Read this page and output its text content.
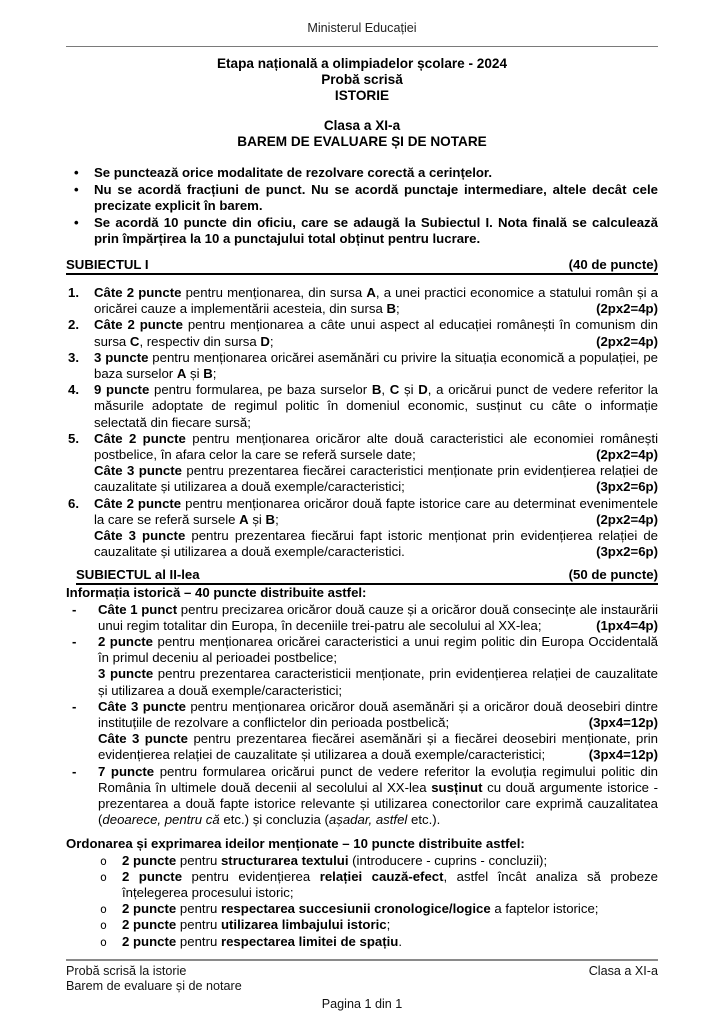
Ministerul Educației
Etapa națională a olimpiadelor școlare - 2024
Probă scrisă
ISTORIE
Clasa a XI-a
BAREM DE EVALUARE ȘI DE NOTARE
• Se punctează orice modalitate de rezolvare corectă a cerințelor.
• Nu se acordă fracțiuni de punct. Nu se acordă punctaje intermediare, altele decât cele precizate explicit în barem.
• Se acordă 10 puncte din oficiu, care se adaugă la Subiectul I. Nota finală se calculează prin împărțirea la 10 a punctajului total obținut pentru lucrare.
SUBIECTUL I	(40 de puncte)
1. Câte 2 puncte pentru menționarea, din sursa A, a unei practici economice a statului român și a oricărei cauze a implementării acesteia, din sursa B;	(2px2=4p)
2. Câte 2 puncte pentru menționarea a câte unui aspect al educației românești în comunism din sursa C, respectiv din sursa D;	(2px2=4p)
3. 3 puncte pentru menționarea oricărei asemănări cu privire la situația economică a populației, pe baza surselor A și B;
4. 9 puncte pentru formularea, pe baza surselor B, C și D, a oricărui punct de vedere referitor la măsurile adoptate de regimul politic în domeniul economic, susținut cu câte o informație selectată din fiecare sursă;
5. Câte 2 puncte pentru menționarea oricăror alte două caracteristici ale economiei românești postbelice, în afara celor la care se referă sursele date;	(2px2=4p)
Câte 3 puncte pentru prezentarea fiecărei caracteristici menționate prin evidențierea relației de cauzalitate și utilizarea a două exemple/caracteristici;	(3px2=6p)
6. Câte 2 puncte pentru menționarea oricăror două fapte istorice care au determinat evenimentele la care se referă sursele A și B;	(2px2=4p)
Câte 3 puncte pentru prezentarea fiecărui fapt istoric menționat prin evidențierea relației de cauzalitate și utilizarea a două exemple/caracteristici.	(3px2=6p)
SUBIECTUL al II-lea	(50 de puncte)
Informația istorică – 40 puncte distribuite astfel:
- Câte 1 punct pentru precizarea oricăror două cauze și a oricăror două consecințe ale instaurării unui regim totalitar din Europa, în deceniile trei-patru ale secolului al XX-lea;	(1px4=4p)
- 2 puncte pentru menționarea oricărei caracteristici a unui regim politic din Europa Occidentală în primul deceniu al perioadei postbelice;
3 puncte pentru prezentarea caracteristicii menționate, prin evidențierea relației de cauzalitate și utilizarea a două exemple/caracteristici;
- Câte 3 puncte pentru menționarea oricăror două asemănări și a oricăror două deosebiri dintre instituțiile de rezolvare a conflictelor din perioada postbelică;	(3px4=12p)
Câte 3 puncte pentru prezentarea fiecărei asemănări și a fiecărei deosebiri menționate, prin evidențierea relației de cauzalitate și utilizarea a două exemple/caracteristici;	(3px4=12p)
- 7 puncte pentru formularea oricărui punct de vedere referitor la evoluția regimului politic din România în ultimele două decenii al secolului al XX-lea susținut cu două argumente istorice - prezentarea a două fapte istorice relevante și utilizarea conectorilor care exprimă cauzalitatea (deoarece, pentru că etc.) și concluzia (așadar, astfel etc.).
Ordonarea și exprimarea ideilor menționate – 10 puncte distribuite astfel:
o 2 puncte pentru structurarea textului (introducere - cuprins - concluzii);
o 2 puncte pentru evidențierea relației cauză-efect, astfel încât analiza să probeze înțelegerea procesului istoric;
o 2 puncte pentru respectarea succesiunii cronologice/logice a faptelor istorice;
o 2 puncte pentru utilizarea limbajului istoric;
o 2 puncte pentru respectarea limitei de spațiu.
Probă scrisă la istorie
Barem de evaluare și de notare
Clasa a XI-a
Pagina 1 din 1
